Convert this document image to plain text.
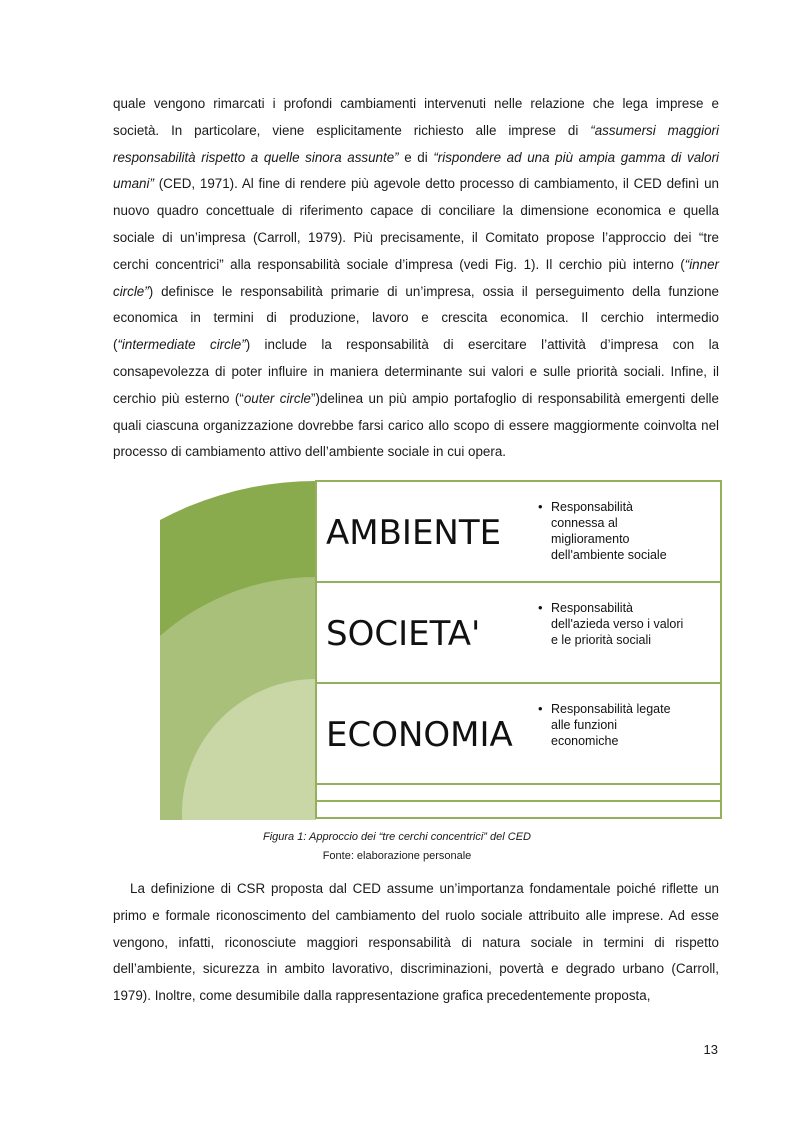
quale vengono rimarcati i profondi cambiamenti intervenuti nelle relazione che lega imprese e
società. In particolare, viene esplicitamente richiesto alle imprese di “assumersi maggiori
responsabilità rispetto a quelle sinora assunte” e di “rispondere ad una più ampia gamma di valori
umani” (CED, 1971). Al fine di rendere più agevole detto processo di cambiamento, il CED definì un
nuovo quadro concettuale di riferimento capace di conciliare la dimensione economica e quella
sociale di un’impresa (Carroll, 1979). Più precisamente, il Comitato propose l’approccio dei “tre
cerchi concentrici” alla responsabilità sociale d’impresa (vedi Fig. 1). Il cerchio più interno (“inner
circle”) definisce le responsabilità primarie di un’impresa, ossia il perseguimento della funzione
economica in termini di produzione, lavoro e crescita economica. Il cerchio intermedio
(“intermediate circle”) include la responsabilità di esercitare l’attività d’impresa con la
consapevolezza di poter influire in maniera determinante sui valori e sulle priorità sociali. Infine, il
cerchio più esterno (“outer circle”)delinea un più ampio portafoglio di responsabilità emergenti delle
quali ciascuna organizzazione dovrebbe farsi carico allo scopo di essere maggiormente coinvolta nel
processo di cambiamento attivo dell’ambiente sociale in cui opera.
AMBIENTE
• Responsabilità
connessa al
miglioramento
dell'ambiente sociale
SOCIETA'
• Responsabilità
dell'azieda verso i valori
e le priorità sociali
ECONOMIA
• Responsabilità legate
alle funzioni
economiche
Figura 1: Approccio dei “tre cerchi concentrici” del CED
Fonte: elaborazione personale
La definizione di CSR proposta dal CED assume un’importanza fondamentale poiché riflette un
primo e formale riconoscimento del cambiamento del ruolo sociale attribuito alle imprese. Ad esse
vengono, infatti, riconosciute maggiori responsabilità di natura sociale in termini di rispetto
dell’ambiente, sicurezza in ambito lavorativo, discriminazioni, povertà e degrado urbano (Carroll,
1979). Inoltre, come desumibile dalla rappresentazione grafica precedentemente proposta,
13
